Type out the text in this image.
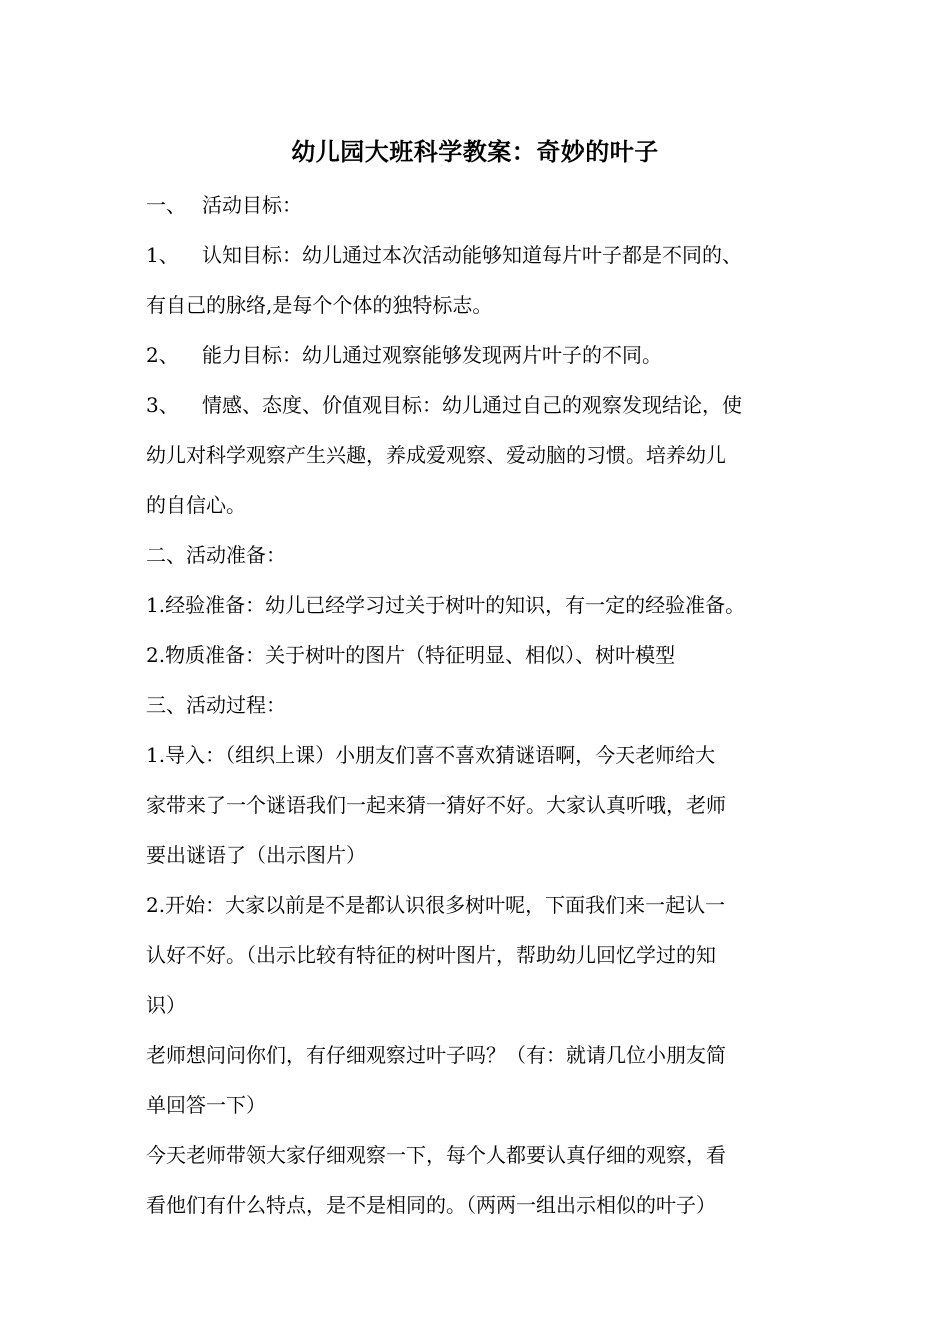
幼儿园大班科学教案：奇妙的叶子
一、 活动目标：
1、 认知目标：幼儿通过本次活动能够知道每片叶子都是不同的、
有自己的脉络,是每个个体的独特标志。
2、 能力目标：幼儿通过观察能够发现两片叶子的不同。
3、 情感、态度、价值观目标：幼儿通过自己的观察发现结论，使
幼儿对科学观察产生兴趣，养成爱观察、爱动脑的习惯。培养幼儿
的自信心。
二、活动准备：
1.经验准备：幼儿已经学习过关于树叶的知识，有一定的经验准备。
2.物质准备：关于树叶的图片（特征明显、相似）、树叶模型
三、活动过程：
1.导入：（组织上课）小朋友们喜不喜欢猜谜语啊，今天老师给大
家带来了一个谜语我们一起来猜一猜好不好。大家认真听哦，老师
要出谜语了（出示图片）
2.开始：大家以前是不是都认识很多树叶呢，下面我们来一起认一
认好不好。（出示比较有特征的树叶图片，帮助幼儿回忆学过的知
识）
老师想问问你们，有仔细观察过叶子吗？（有：就请几位小朋友简
单回答一下）
今天老师带领大家仔细观察一下，每个人都要认真仔细的观察，看
看他们有什么特点，是不是相同的。（两两一组出示相似的叶子）
